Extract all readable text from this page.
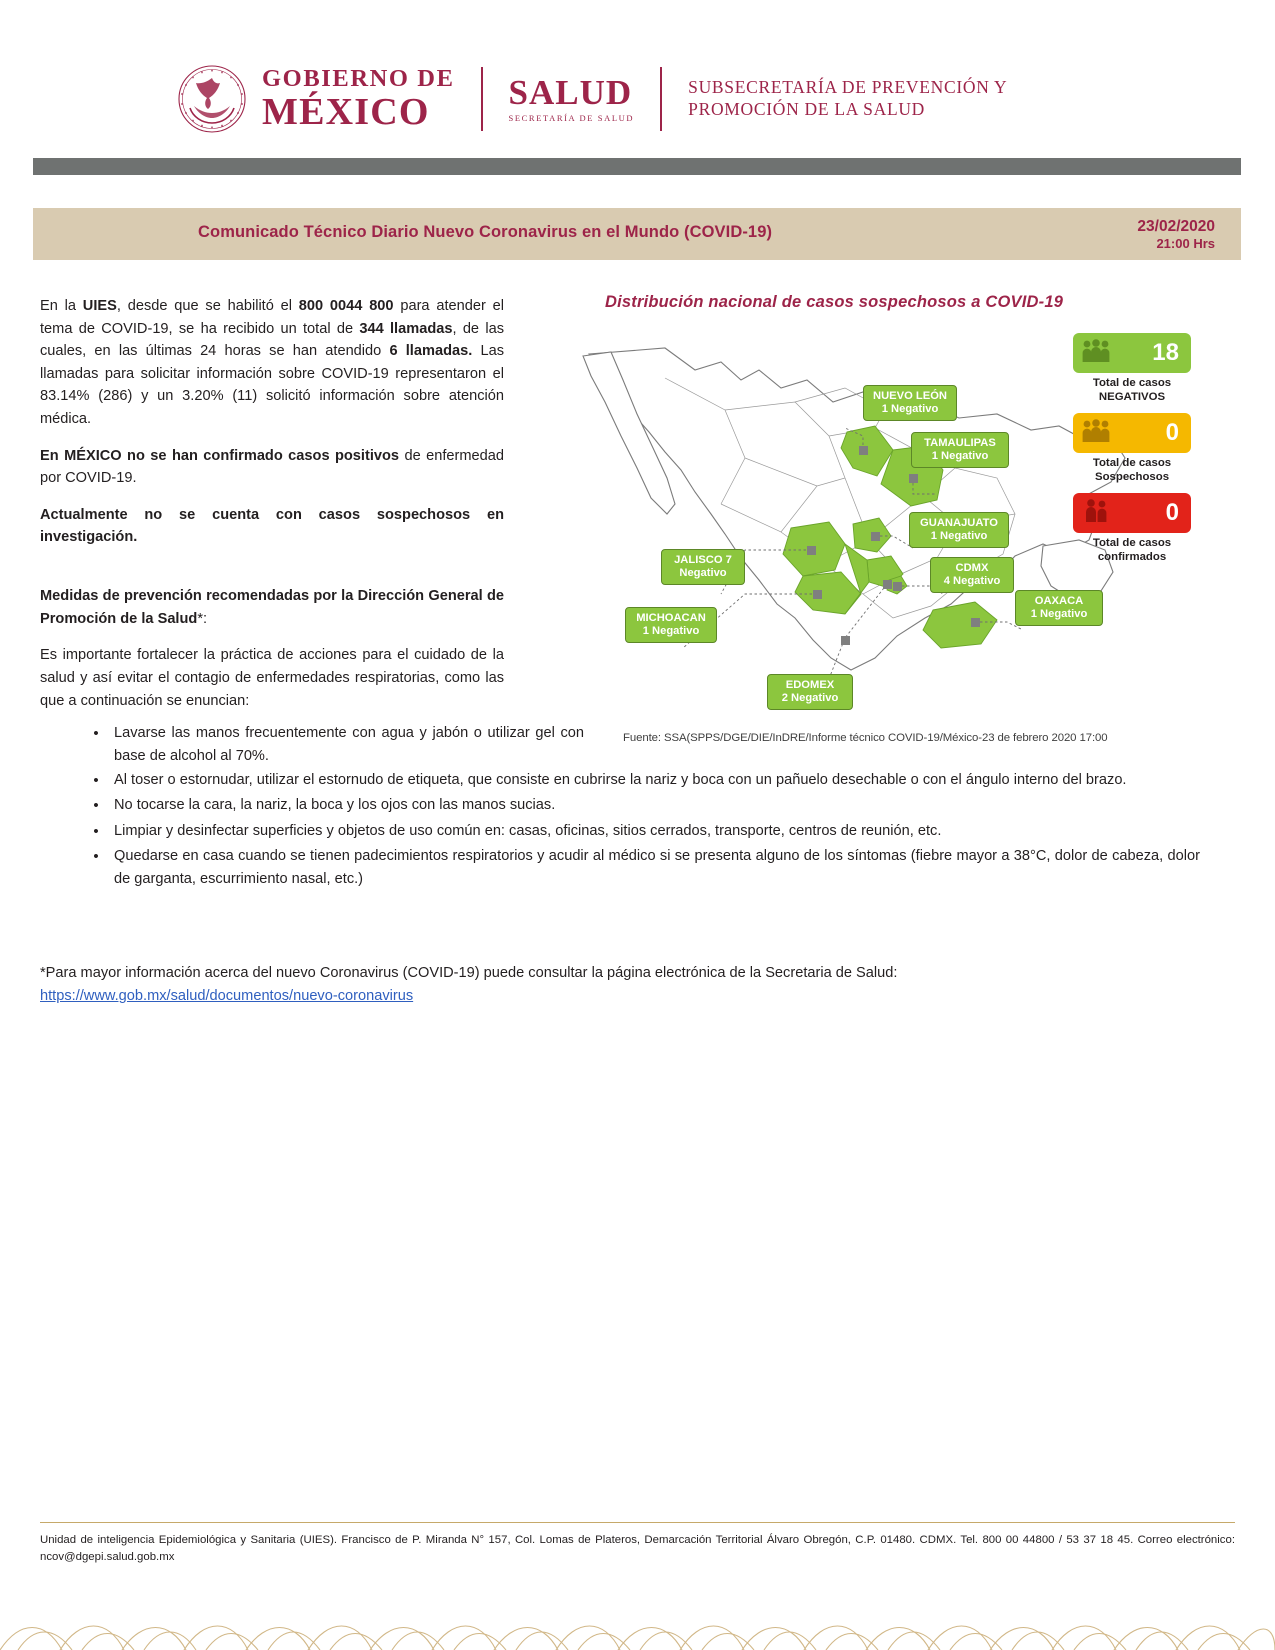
GOBIERNO DE
MÉXICO	SALUD
SECRETARÍA DE SALUD
SUBSECRETARÍA DE PREVENCIÓN Y
PROMOCIÓN DE LA SALUD
Comunicado Técnico Diario Nuevo Coronavirus en el Mundo (COVID-19)	23/02/2020
21:00 Hrs

En la UIES, desde que se habilitó el 800 0044 800 para atender el tema de COVID-19, se ha recibido un total de 344 llamadas, de las cuales, en las últimas 24 horas se han atendido 6 llamadas. Las llamadas para solicitar información sobre COVID-19 representaron el 83.14% (286) y un 3.20% (11) solicitó información sobre atención médica.

En MÉXICO no se han confirmado casos positivos de enfermedad por COVID-19.

Actualmente no se cuenta con casos sospechosos en investigación.

Medidas de prevención recomendadas por la Dirección General de Promoción de la Salud*:

Es importante fortalecer la práctica de acciones para el cuidado de la salud y así evitar el contagio de enfermedades respiratorias, como las que a continuación se enuncian:

Distribución nacional de casos sospechosos a COVID-19
NUEVO LEÓN
1 Negativo
TAMAULIPAS
1 Negativo
GUANAJUATO
1 Negativo
CDMX
4 Negativo
OAXACA
1 Negativo
JALISCO 7
Negativo
MICHOACAN
1 Negativo
EDOMEX
2 Negativo
18
Total de casos
NEGATIVOS
0
Total de casos
Sospechosos
0
Total de casos
confirmados
Fuente: SSA(SPPS/DGE/DIE/InDRE/Informe técnico COVID-19/México-23 de febrero 2020 17:00
•	Lavarse las manos frecuentemente con agua y jabón o utilizar gel con base de alcohol al 70%.
•	Al toser o estornudar, utilizar el estornudo de etiqueta, que consiste en cubrirse la nariz y boca con un pañuelo desechable o con el ángulo interno del brazo.
•	No tocarse la cara, la nariz, la boca y los ojos con las manos sucias.
•	Limpiar y desinfectar superficies y objetos de uso común en: casas, oficinas, sitios cerrados, transporte, centros de reunión, etc.
•	Quedarse en casa cuando se tienen padecimientos respiratorios y acudir al médico si se presenta alguno de los síntomas (fiebre mayor a 38°C, dolor de cabeza, dolor de garganta, escurrimiento nasal, etc.)
*Para mayor información acerca del nuevo Coronavirus (COVID-19) puede consultar la página electrónica de la Secretaria de Salud:
https://www.gob.mx/salud/documentos/nuevo-coronavirus
Unidad de inteligencia Epidemiológica y Sanitaria (UIES). Francisco de P. Miranda N° 157, Col. Lomas de Plateros, Demarcación Territorial Álvaro Obregón, C.P. 01480. CDMX. Tel. 800 00 44800 / 53 37 18 45. Correo electrónico: ncov@dgepi.salud.gob.mx
